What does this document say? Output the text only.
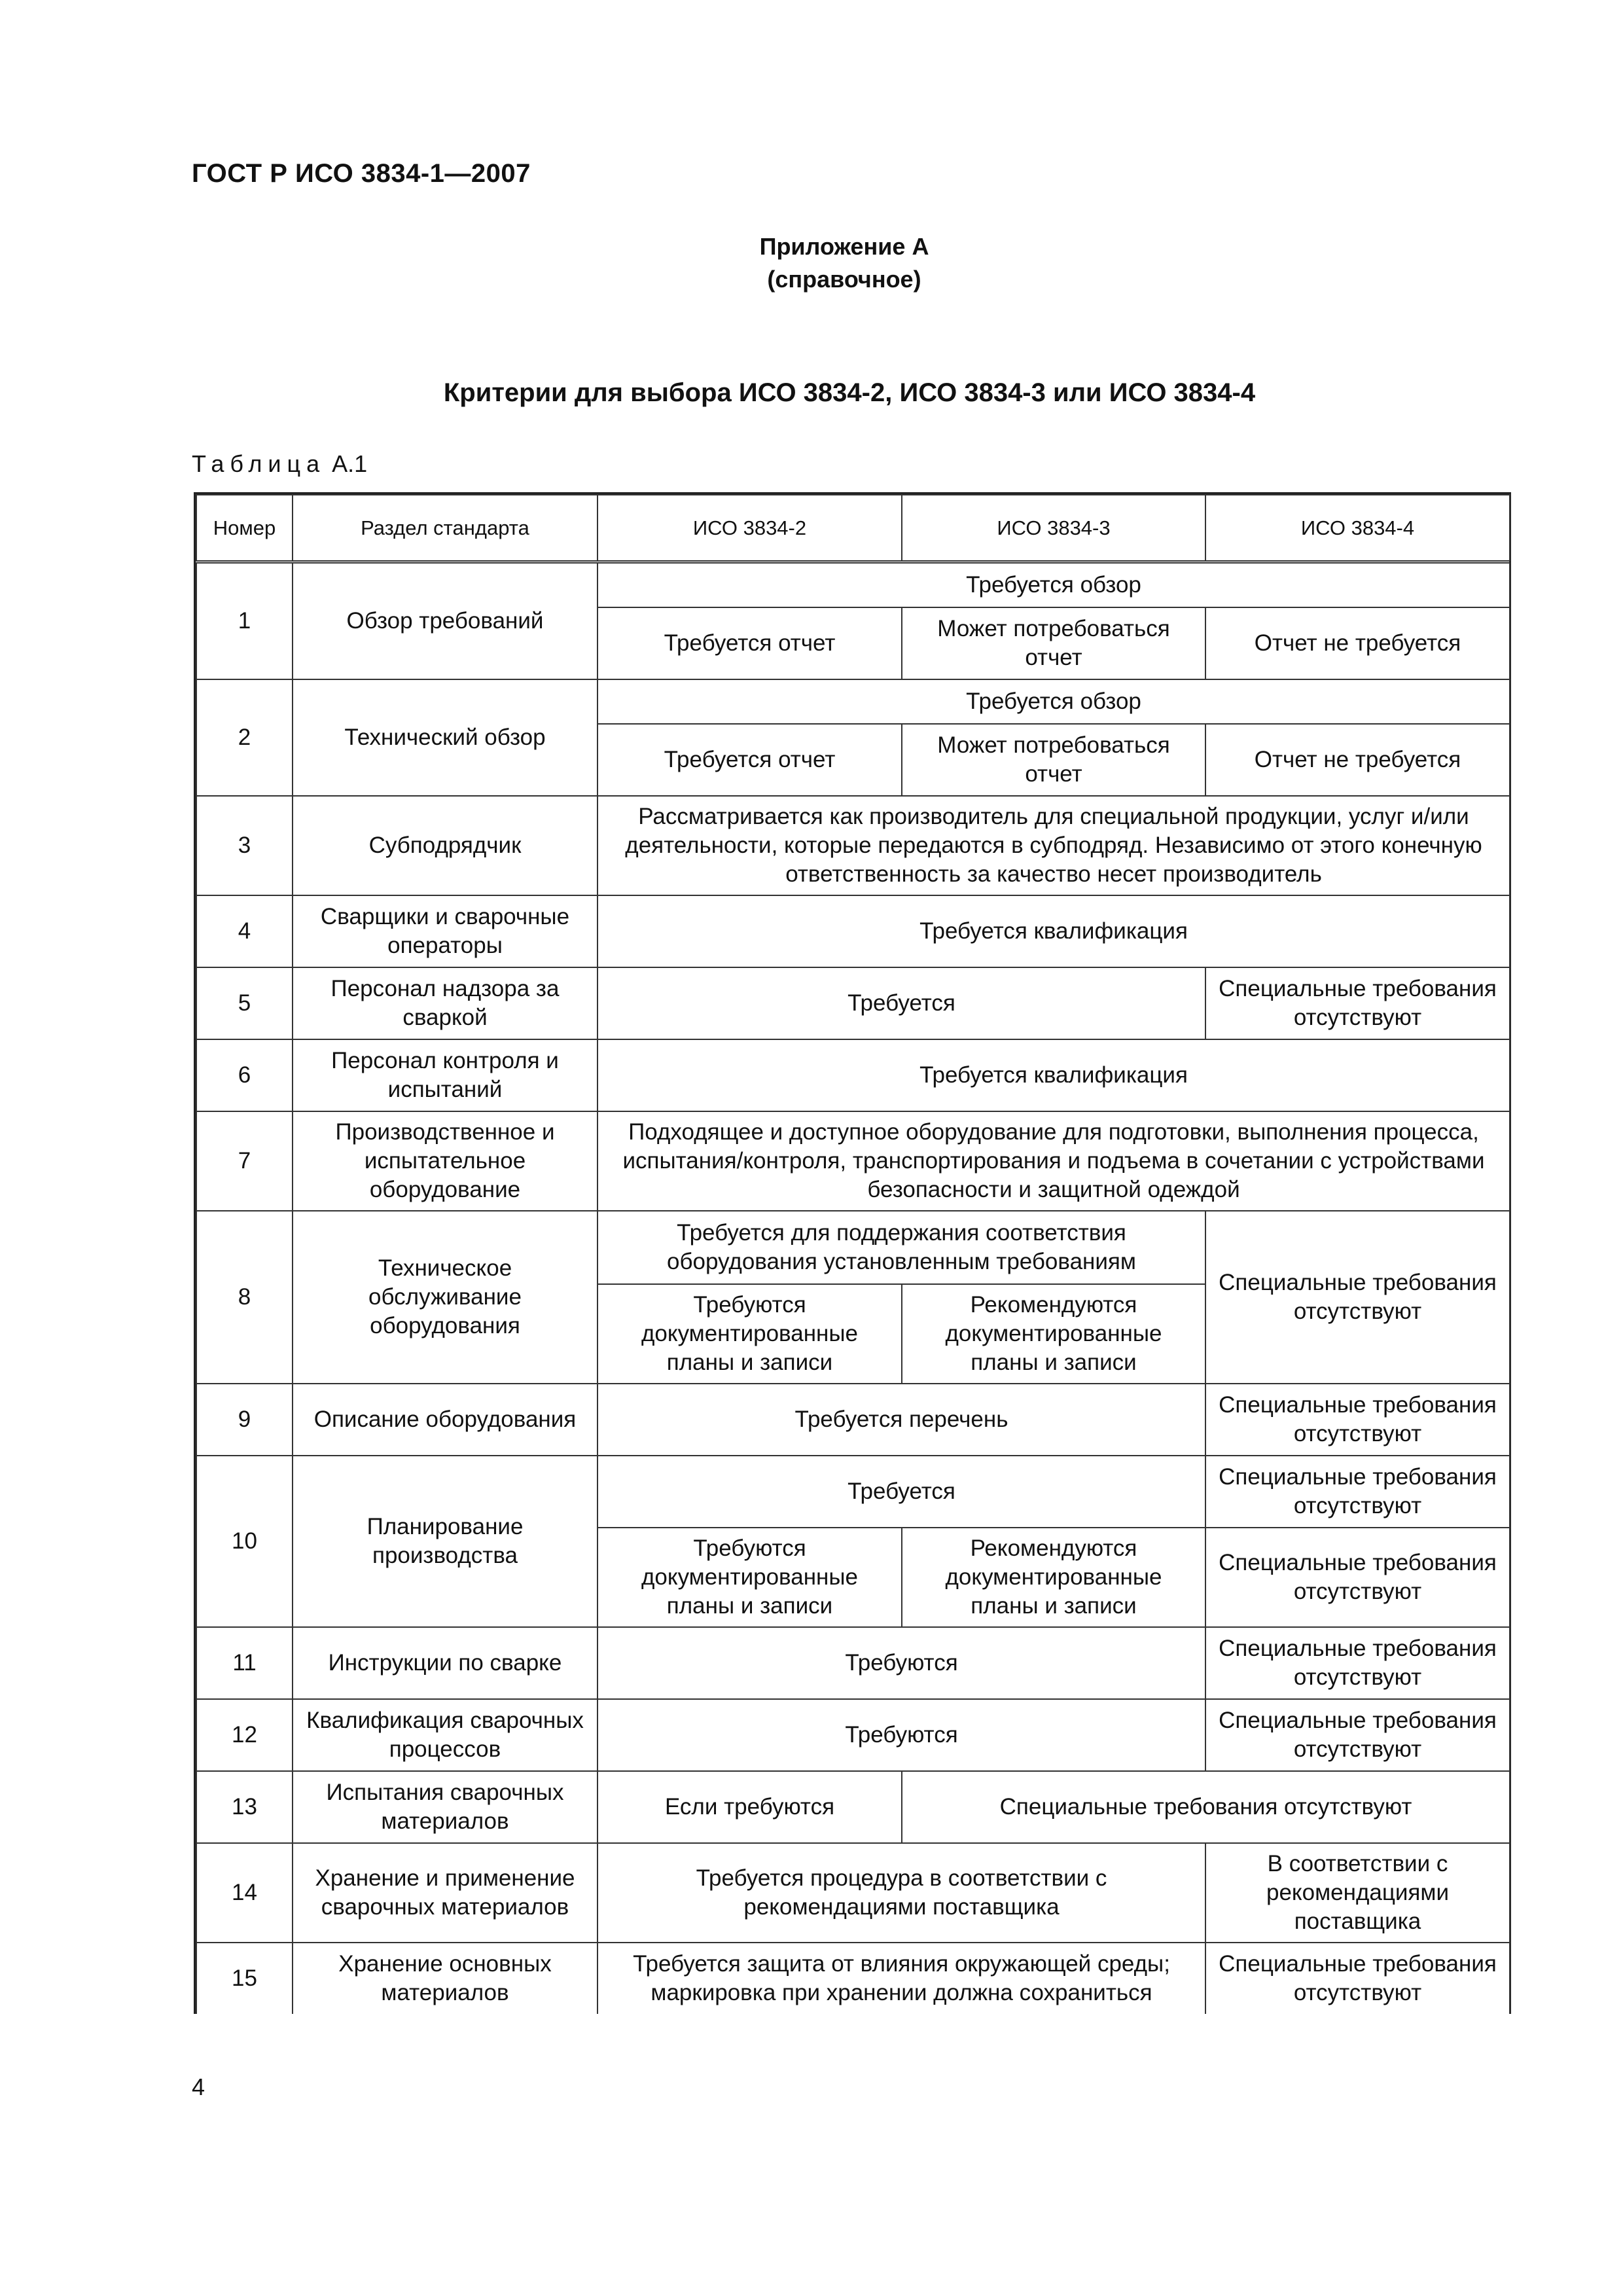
ГОСТ Р ИСО 3834-1—2007
Приложение А
(справочное)
Критерии для выбора ИСО 3834-2, ИСО 3834-3 или ИСО 3834-4
Таблица А.1
Номер	Раздел стандарта	ИСО 3834-2	ИСО 3834-3	ИСО 3834-4
1	Обзор требований	Требуется обзор		
		Требуется отчет	Может потребоваться отчет	Отчет не требуется
2	Технический обзор	Требуется обзор		
		Требуется отчет	Может потребоваться отчет	Отчет не требуется
3	Субподрядчик	Рассматривается как производитель для специальной продукции, услуг и/или деятельности, которые передаются в субподряд. Независимо от этого конечную ответственность за качество несет производитель		
4	Сварщики и сварочные операторы	Требуется квалификация		
5	Персонал надзора за сваркой	Требуется		Специальные требования отсутствуют
6	Персонал контроля и испытаний	Требуется квалификация		
7	Производственное и испытательное оборудование	Подходящее и доступное оборудование для подготовки, выполнения процесса, испытания/контроля, транспортирования и подъема в сочетании с устройствами безопасности и защитной одеждой		
8	Техническое обслуживание оборудования	Требуется для поддержания соответствия оборудования установленным требованиям		Специальные требования отсутствуют
		Требуются документированные планы и записи	Рекомендуются документированные планы и записи	
9	Описание оборудования	Требуется перечень		Специальные требования отсутствуют
10	Планирование производства	Требуется		Специальные требования отсутствуют
		Требуются документированные планы и записи	Рекомендуются документированные планы и записи	Специальные требования отсутствуют
11	Инструкции по сварке	Требуются		Специальные требования отсутствуют
12	Квалификация сварочных процессов	Требуются		Специальные требования отсутствуют
13	Испытания сварочных материалов	Если требуются	Специальные требования отсутствуют	
14	Хранение и применение сварочных материалов	Требуется процедура в соответствии с рекомендациями поставщика		В соответствии с рекомендациями поставщика
15	Хранение основных материалов	Требуется защита от влияния окружающей среды; маркировка при хранении должна сохраниться		Специальные требования отсутствуют
4
